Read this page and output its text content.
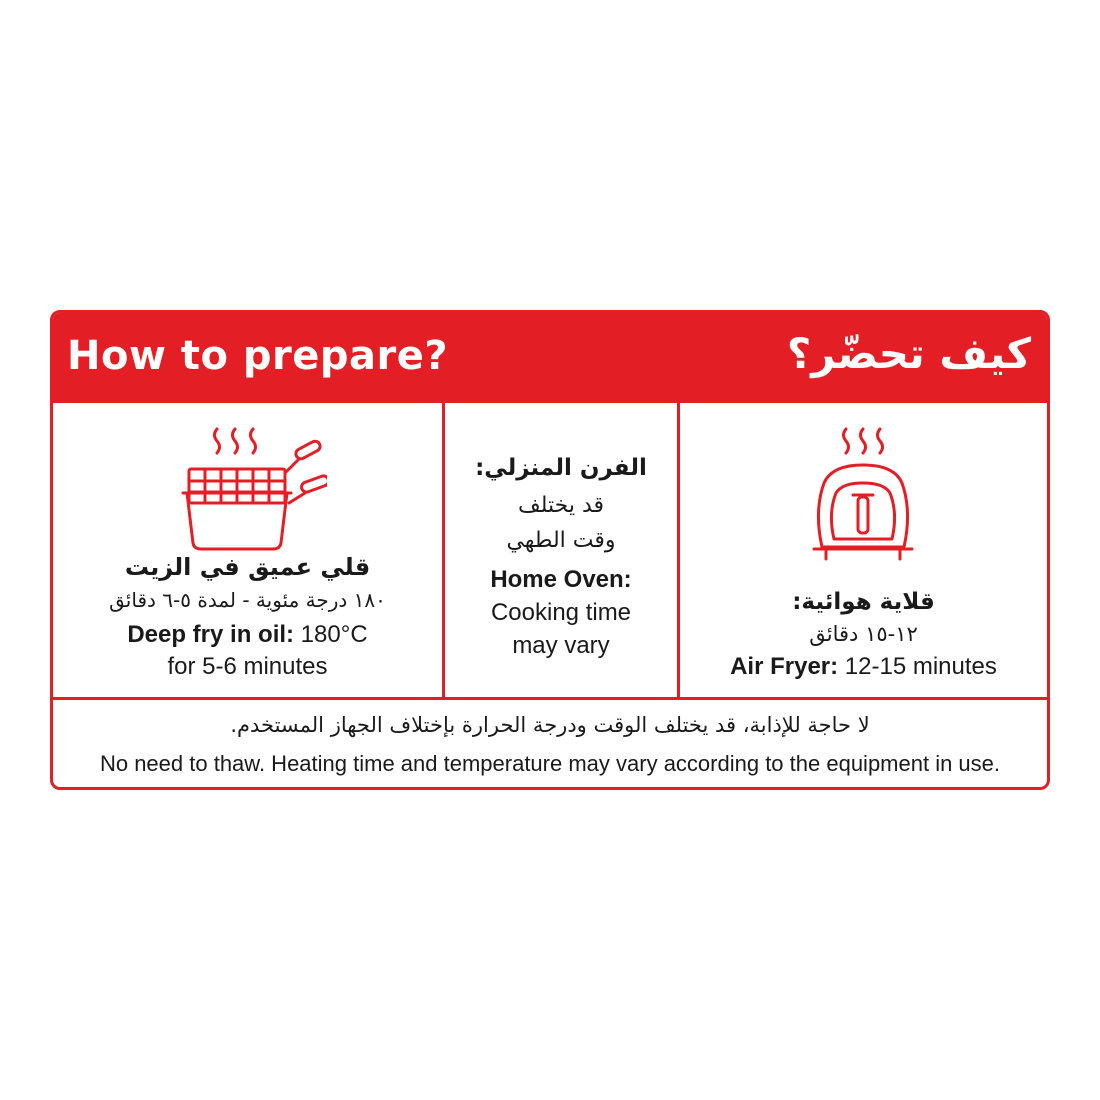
How to prepare?	كيف تحضّر؟
قلي عميق في الزيت
١٨٠ درجة مئوية - لمدة ٥-٦ دقائق
Deep fry in oil: 180°C
for 5-6 minutes
الفرن المنزلي:
قد يختلف
وقت الطهي
Home Oven:
Cooking time
may vary
قلاية هوائية:
١٢-١٥ دقائق
Air Fryer: 12-15 minutes
لا حاجة للإذابة، قد يختلف الوقت ودرجة الحرارة بإختلاف الجهاز المستخدم.
No need to thaw. Heating time and temperature may vary according to the equipment in use.
